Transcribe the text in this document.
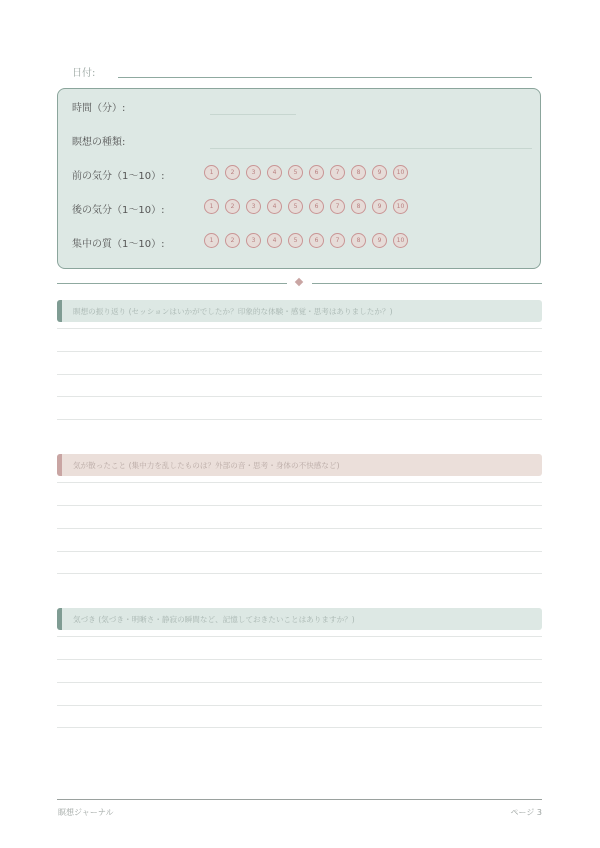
日付:
時間（分）:
瞑想の種類:
前の気分（1〜10）:	1	2	3	4	5	6	7	8	9	10
後の気分（1〜10）:	1	2	3	4	5	6	7	8	9	10
集中の質（1〜10）:	1	2	3	4	5	6	7	8	9	10
瞑想の振り返り (セッションはいかがでしたか？印象的な体験・感覚・思考はありましたか？)
気が散ったこと (集中力を乱したものは？外部の音・思考・身体の不快感など)
気づき (気づき・明晰さ・静寂の瞬間など、記憶しておきたいことはありますか？)
瞑想ジャーナル	ページ 3
